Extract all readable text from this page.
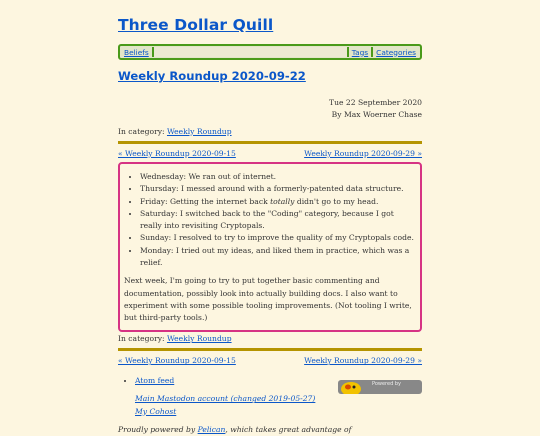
Three Dollar Quill
Beliefs	Tags	Categories
Weekly Roundup 2020-09-22
Tue 22 September 2020
By Max Woerner Chase
In category: Weekly Roundup
« Weekly Roundup 2020-09-15	Weekly Roundup 2020-09-29 »
• Wednesday: We ran out of internet.
• Thursday: I messed around with a formerly-patented data structure.
• Friday: Getting the internet back totally didn't go to my head.
• Saturday: I switched back to the "Coding" category, because I got really into revisiting Cryptopals.
• Sunday: I resolved to try to improve the quality of my Cryptopals code.
• Monday: I tried out my ideas, and liked them in practice, which was a relief.

Next week, I'm going to try to put together basic commenting and documentation, possibly look into actually building docs. I also want to experiment with some possible tooling improvements. (Not tooling I write, but third-party tools.)

In category: Weekly Roundup
« Weekly Roundup 2020-09-15	Weekly Roundup 2020-09-29 »
• Atom feed
Main Mastodon account (changed 2019-05-27)
My Cohost
Proudly powered by Pelican, which takes great advantage of
Powered by
